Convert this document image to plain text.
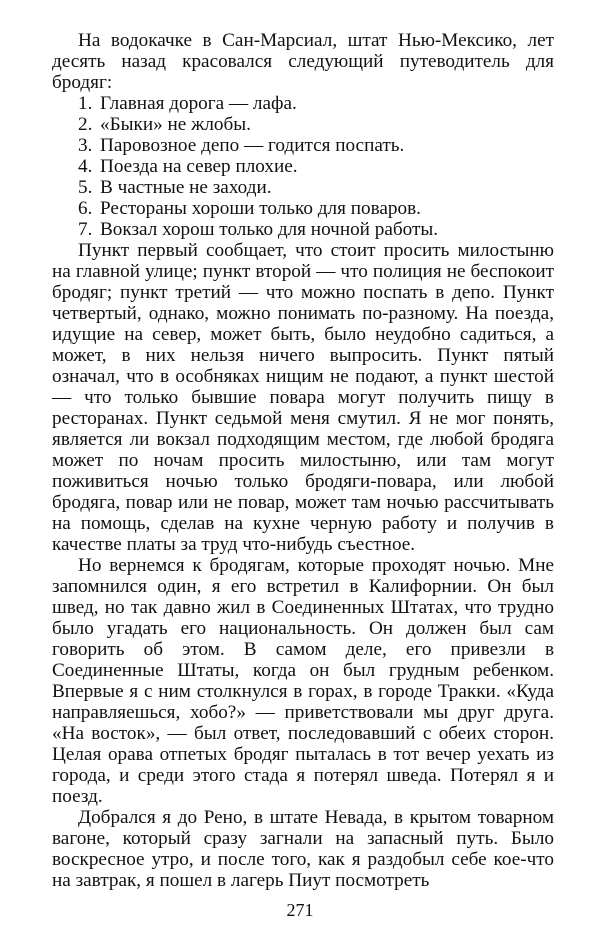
На водокачке в Сан-Марсиал, штат Нью-Мексико, лет десять назад красовался следующий путеводитель для бродяг:

1. Главная дорога — лафа.
2. «Быки» не жлобы.
3. Паровозное депо — годится поспать.
4. Поезда на север плохие.
5. В частные не заходи.
6. Рестораны хороши только для поваров.
7. Вокзал хорош только для ночной работы.

Пункт первый сообщает, что стоит просить милостыню на главной улице; пункт второй — что полиция не беспокоит бродяг; пункт третий — что можно поспать в депо. Пункт четвертый, однако, можно понимать по-разному. На поезда, идущие на север, может быть, было неудобно садиться, а может, в них нельзя ничего выпросить. Пункт пятый означал, что в особняках нищим не подают, а пункт шестой — что только бывшие повара могут получить пищу в ресторанах. Пункт седьмой меня смутил. Я не мог понять, является ли вокзал подходящим местом, где любой бродяга может по ночам просить милостыню, или там могут поживиться ночью только бродяги-повара, или любой бродяга, повар или не повар, может там ночью рассчитывать на помощь, сделав на кухне черную работу и получив в качестве платы за труд что-нибудь съестное.

Но вернемся к бродягам, которые проходят ночью. Мне запомнился один, я его встретил в Калифорнии. Он был швед, но так давно жил в Соединенных Штатах, что трудно было угадать его национальность. Он должен был сам говорить об этом. В самом деле, его привезли в Соединенные Штаты, когда он был грудным ребенком. Впервые я с ним столкнулся в горах, в городе Тракки. «Куда направляешься, хобо?» — приветствовали мы друг друга. «На восток», — был ответ, последовавший с обеих сторон. Целая орава отпетых бродяг пыталась в тот вечер уехать из города, и среди этого стада я потерял шведа. Потерял я и поезд.

Добрался я до Рено, в штате Невада, в крытом товарном вагоне, который сразу загнали на запасный путь. Было воскресное утро, и после того, как я раздобыл себе кое-что на завтрак, я пошел в лагерь Пиут посмотреть

271
